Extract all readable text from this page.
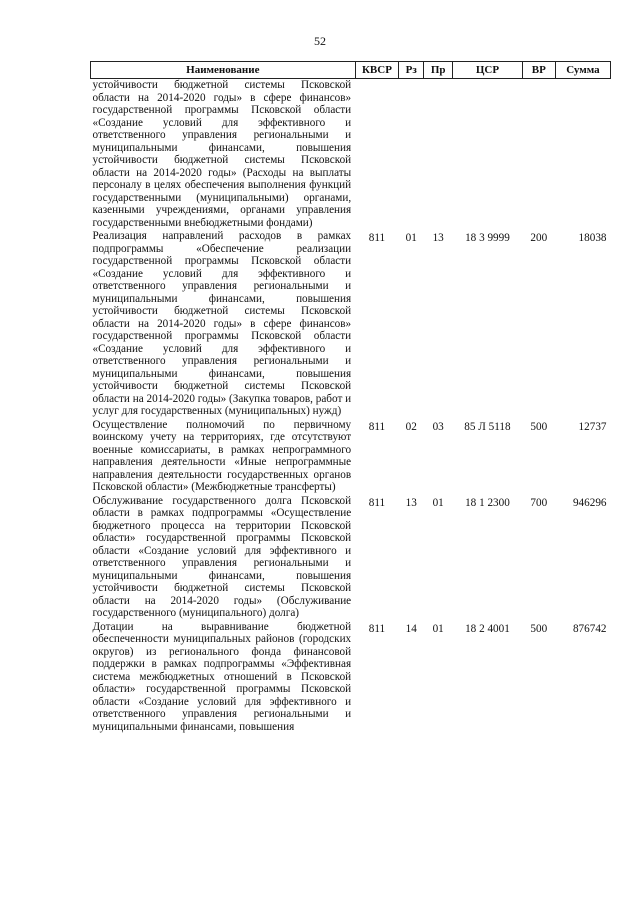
52
Наименование	КВСР	Рз	Пр	ЦСР	ВР	Сумма
устойчивости бюджетной системы Псковской области на 2014-2020 годы» в сфере финансов» государственной программы Псковской области «Создание условий для эффективного и ответственного управления региональными и муниципальными финансами, повышения устойчивости бюджетной системы Псковской области на 2014-2020 годы» (Расходы на выплаты персоналу в целях обеспечения выполнения функций государственными (муниципальными) органами, казенными учреждениями, органами управления государственными внебюджетными фондами)						
Реализация направлений расходов в рамках подпрограммы «Обеспечение реализации государственной программы Псковской области «Создание условий для эффективного и ответственного управления региональными и муниципальными финансами, повышения устойчивости бюджетной системы Псковской области на 2014-2020 годы» в сфере финансов» государственной программы Псковской области «Создание условий для эффективного и ответственного управления региональными и муниципальными финансами, повышения устойчивости бюджетной системы Псковской области на 2014-2020 годы» (Закупка товаров, работ и услуг для государственных (муниципальных) нужд)	811	01	13	18 3 9999	200	18038
Осуществление полномочий по первичному воинскому учету на территориях, где отсутствуют военные комиссариаты, в рамках непрограммного направления деятельности «Иные непрограммные направления деятельности государственных органов Псковской области» (Межбюджетные трансферты)	811	02	03	85 Л 5118	500	12737
Обслуживание государственного долга Псковской области в рамках подпрограммы «Осуществление бюджетного процесса на территории Псковской области» государственной программы Псковской области «Создание условий для эффективного и ответственного управления региональными и муниципальными финансами, повышения устойчивости бюджетной системы Псковской области на 2014-2020 годы» (Обслуживание государственного (муниципального) долга)	811	13	01	18 1 2300	700	946296
Дотации на выравнивание бюджетной обеспеченности муниципальных районов (городских округов) из регионального фонда финансовой поддержки в рамках подпрограммы «Эффективная система межбюджетных отношений в Псковской области» государственной программы Псковской области «Создание условий для эффективного и ответственного управления региональными и муниципальными финансами, повышения	811	14	01	18 2 4001	500	876742
